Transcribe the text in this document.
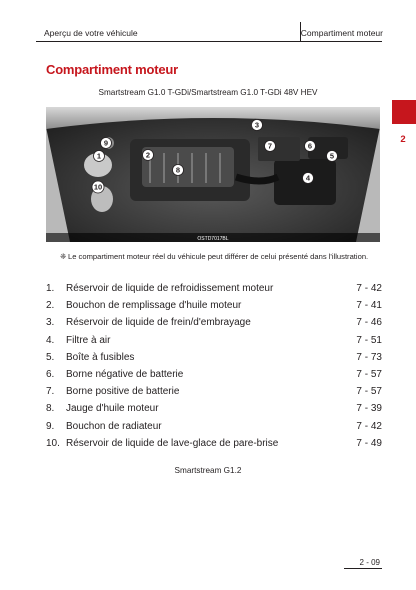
Aperçu de votre véhicule	Compartiment moteur
2
Compartiment moteur
Smartstream G1.0 T-GDi/Smartstream G1.0 T-GDi 48V HEV
1	2
3
4
5
6
7
8
9
10
OSTD7017BL
❈ Le compartiment moteur réel du véhicule peut différer de celui présenté dans l'illustration.
1. Réservoir de liquide de refroidissement moteur	7 - 42
2. Bouchon de remplissage d'huile moteur	7 - 41
3. Réservoir de liquide de frein/d'embrayage	7 - 46
4. Filtre à air	7 - 51
5. Boîte à fusibles	7 - 73
6. Borne négative de batterie	7 - 57
7. Borne positive de batterie	7 - 57
8. Jauge d'huile moteur	7 - 39
9. Bouchon de radiateur	7 - 42
10. Réservoir de liquide de lave-glace de pare-brise	7 - 49
Smartstream G1.2
2 - 09
